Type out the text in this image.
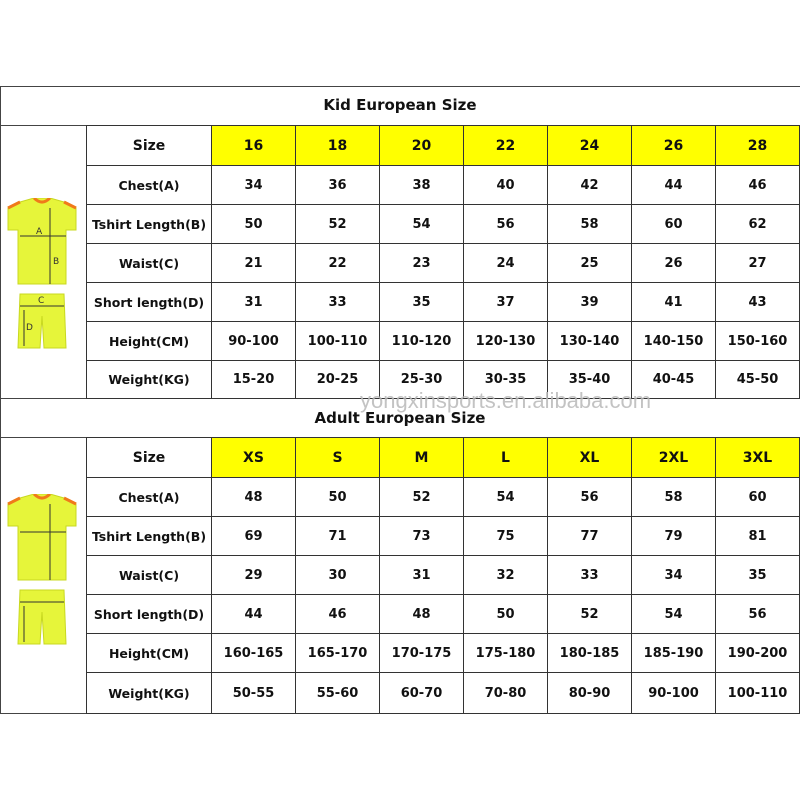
Kid European Size
A
B
C
D
Size	16	18	20	22	24	26	28
Chest(A)	34	36	38	40	42	44	46
Tshirt Length(B)	50	52	54	56	58	60	62
Waist(C)	21	22	23	24	25	26	27
Short length(D)	31	33	35	37	39	41	43
Height(CM)	90-100	100-110	110-120	120-130	130-140	140-150	150-160
Weight(KG)	15-20	20-25	25-30	30-35	35-40	40-45	45-50
Adult European Size
Size	XS	S	M	L	XL	2XL	3XL
Chest(A)	48	50	52	54	56	58	60
Tshirt Length(B)	69	71	73	75	77	79	81
Waist(C)	29	30	31	32	33	34	35
Short length(D)	44	46	48	50	52	54	56
Height(CM)	160-165	165-170	170-175	175-180	180-185	185-190	190-200
Weight(KG)	50-55	55-60	60-70	70-80	80-90	90-100	100-110
yongxinsports.en.alibaba.com
